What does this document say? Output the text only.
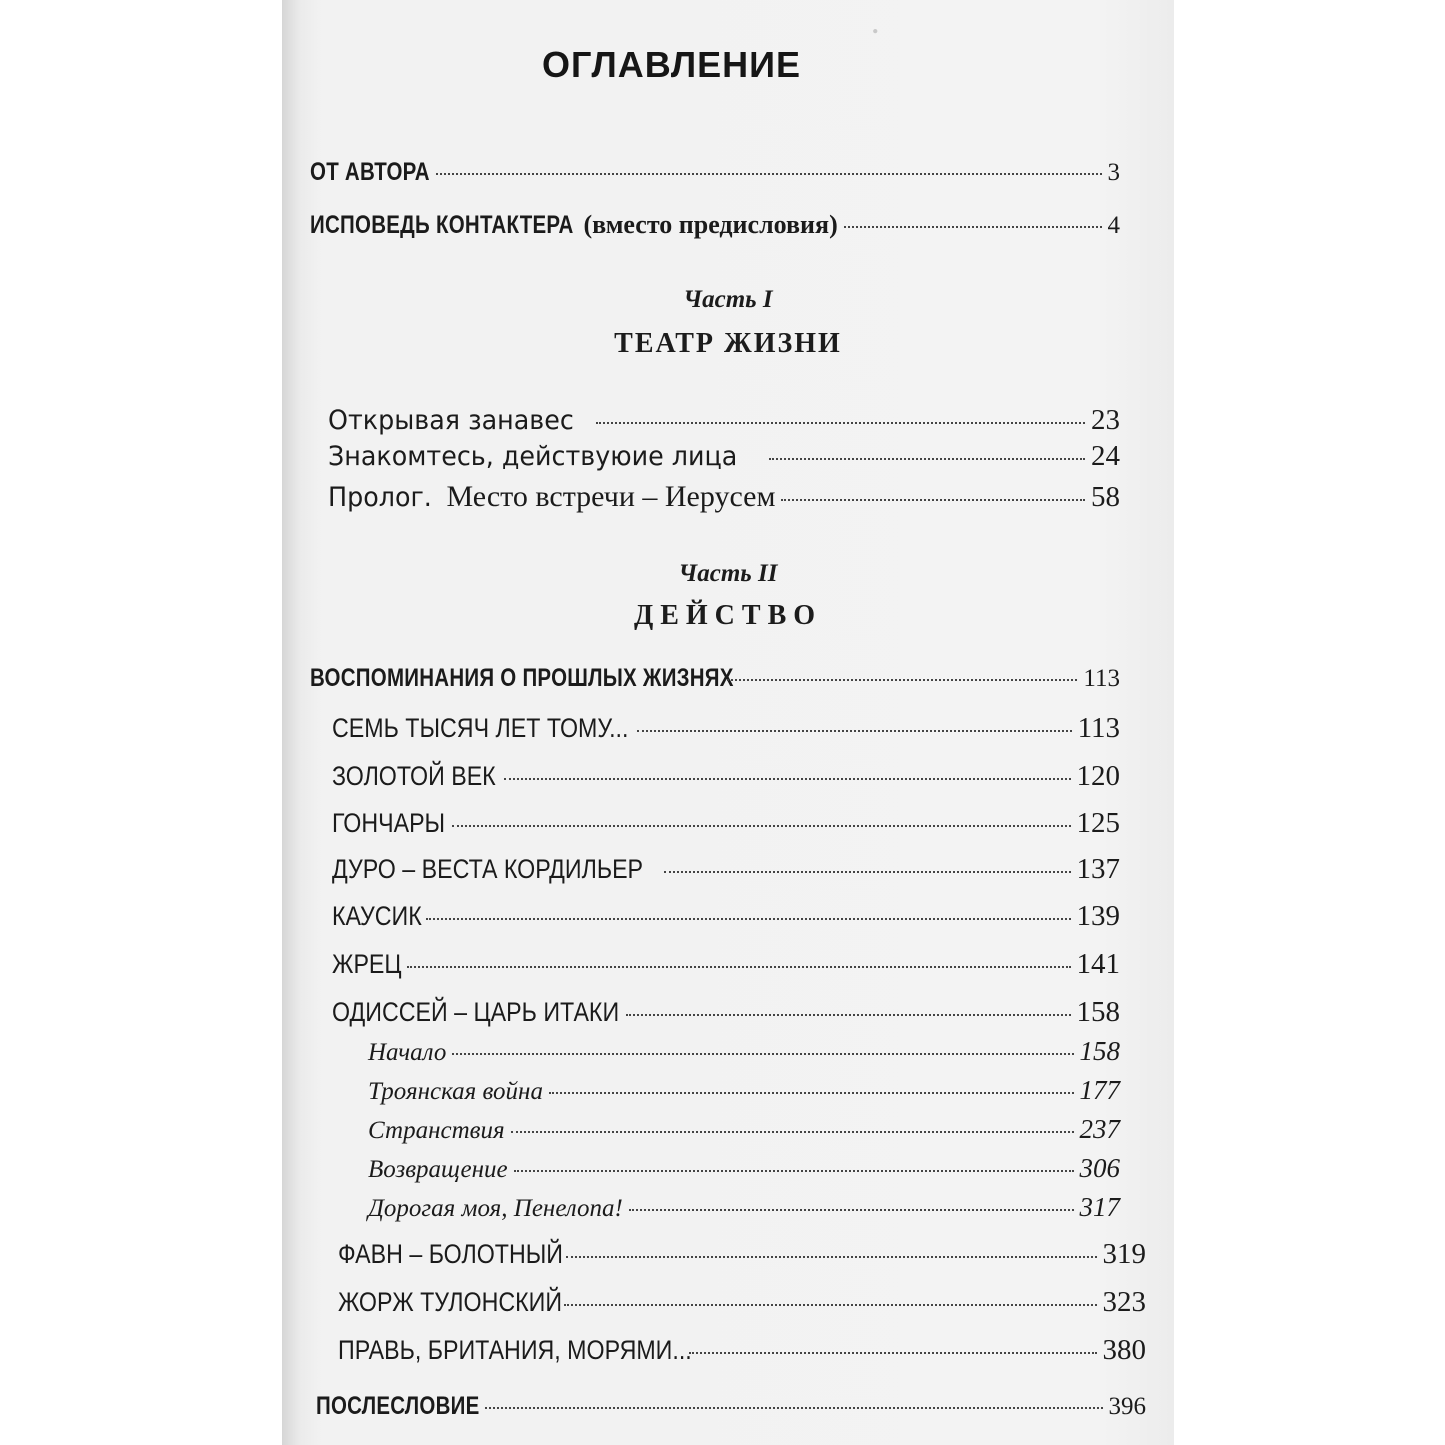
.
ОГЛАВЛЕНИЕ
ОТ АВТОРА	3
ИСПОВЕДЬ КОНТАКТЕРА (вместо предисловия)	4
Часть I
ТЕАТР ЖИЗНИ
Открывая занавес	23
Знакомтесь, действуюие лица	24
Пролог. Место встречи – Иерусем	58
Часть II
ДЕЙСТВО
ВОСПОМИНАНИЯ О ПРОШЛЫХ ЖИЗНЯХ	113
СЕМЬ ТЫСЯЧ ЛЕТ ТОМУ...	113
ЗОЛОТОЙ ВЕК	120
ГОНЧАРЫ	125
ДУРО – ВЕСТА КОРДИЛЬЕР	137
КАУСИК	139
ЖРЕЦ	141
ОДИССЕЙ – ЦАРЬ ИТАКИ	158
Начало	158
Троянская война	177
Странствия	237
Возвращение	306
Дорогая моя, Пенелопа!	317
ФАВН – БОЛОТНЫЙ	319
ЖОРЖ ТУЛОНСКИЙ	323
ПРАВЬ, БРИТАНИЯ, МОРЯМИ...	380
ПОСЛЕСЛОВИЕ	396
